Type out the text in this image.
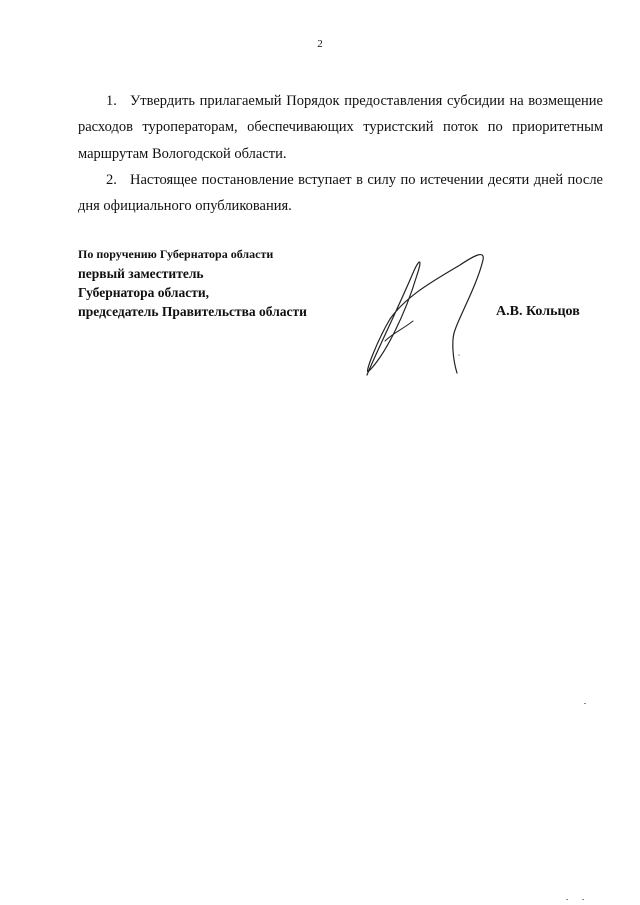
2

1. Утвердить прилагаемый Порядок предоставления субсидии на возмещение расходов туроператорам, обеспечивающих туристский поток по приоритетным маршрутам Вологодской области.

2. Настоящее постановление вступает в силу по истечении десяти дней после дня официального опубликования.

По поручению Губернатора области
первый заместитель
Губернатора области,
председатель Правительства области	А.В. Кольцов
